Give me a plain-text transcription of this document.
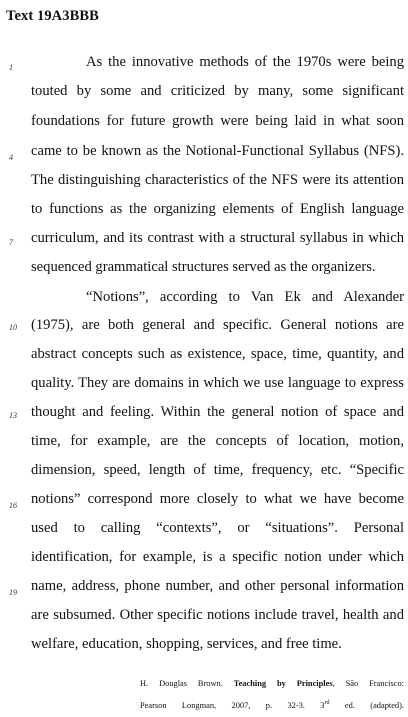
Text 19A3BBB
1
4
7
10
13
16
19
As the innovative methods of the 1970s were being
touted by some and criticized by many, some significant
foundations for future growth were being laid in what soon
came to be known as the Notional-Functional Syllabus (NFS).
The distinguishing characteristics of the NFS were its attention
to functions as the organizing elements of English language
curriculum, and its contrast with a structural syllabus in which
sequenced grammatical structures served as the organizers.
“Notions”, according to Van Ek and Alexander
(1975), are both general and specific. General notions are
abstract concepts such as existence, space, time, quantity, and
quality. They are domains in which we use language to express
thought and feeling. Within the general notion of space and
time, for example, are the concepts of location, motion,
dimension, speed, length of time, frequency, etc. “Specific
notions” correspond more closely to what we have become
used to calling “contexts”, or “situations”. Personal
identification, for example, is a specific notion under which
name, address, phone number, and other personal information
are subsumed. Other specific notions include travel, health and
welfare, education, shopping, services, and free time.
H. Douglas Brown. Teaching by Principles, São Francisco:
Pearson Longman, 2007, p. 32-3. 3rd ed. (adapted).
